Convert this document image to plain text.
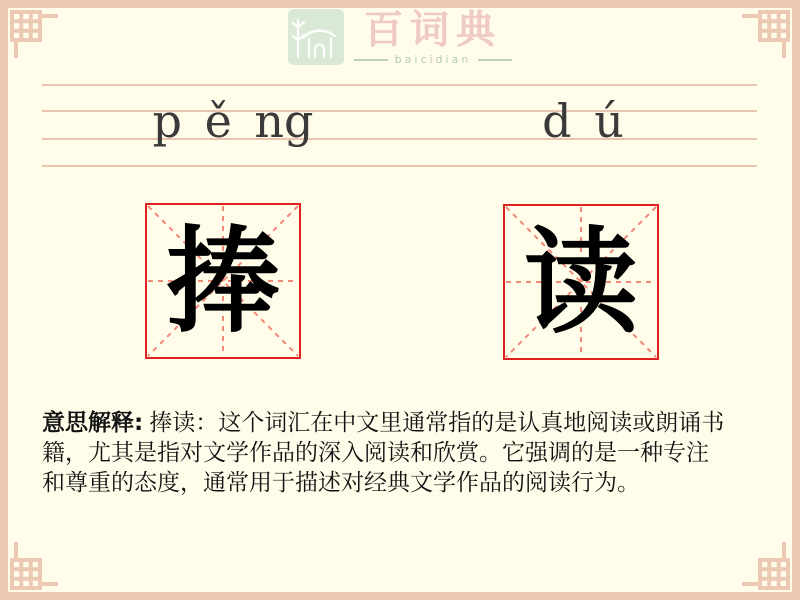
百词典
baicidian
p ě ng	d ú
捧 读

意思解释: 捧读：这个词汇在中文里通常指的是认真地阅读或朗诵书

籍，尤其是指对文学作品的深入阅读和欣赏。它强调的是一种专注

和尊重的态度，通常用于描述对经典文学作品的阅读行为。
